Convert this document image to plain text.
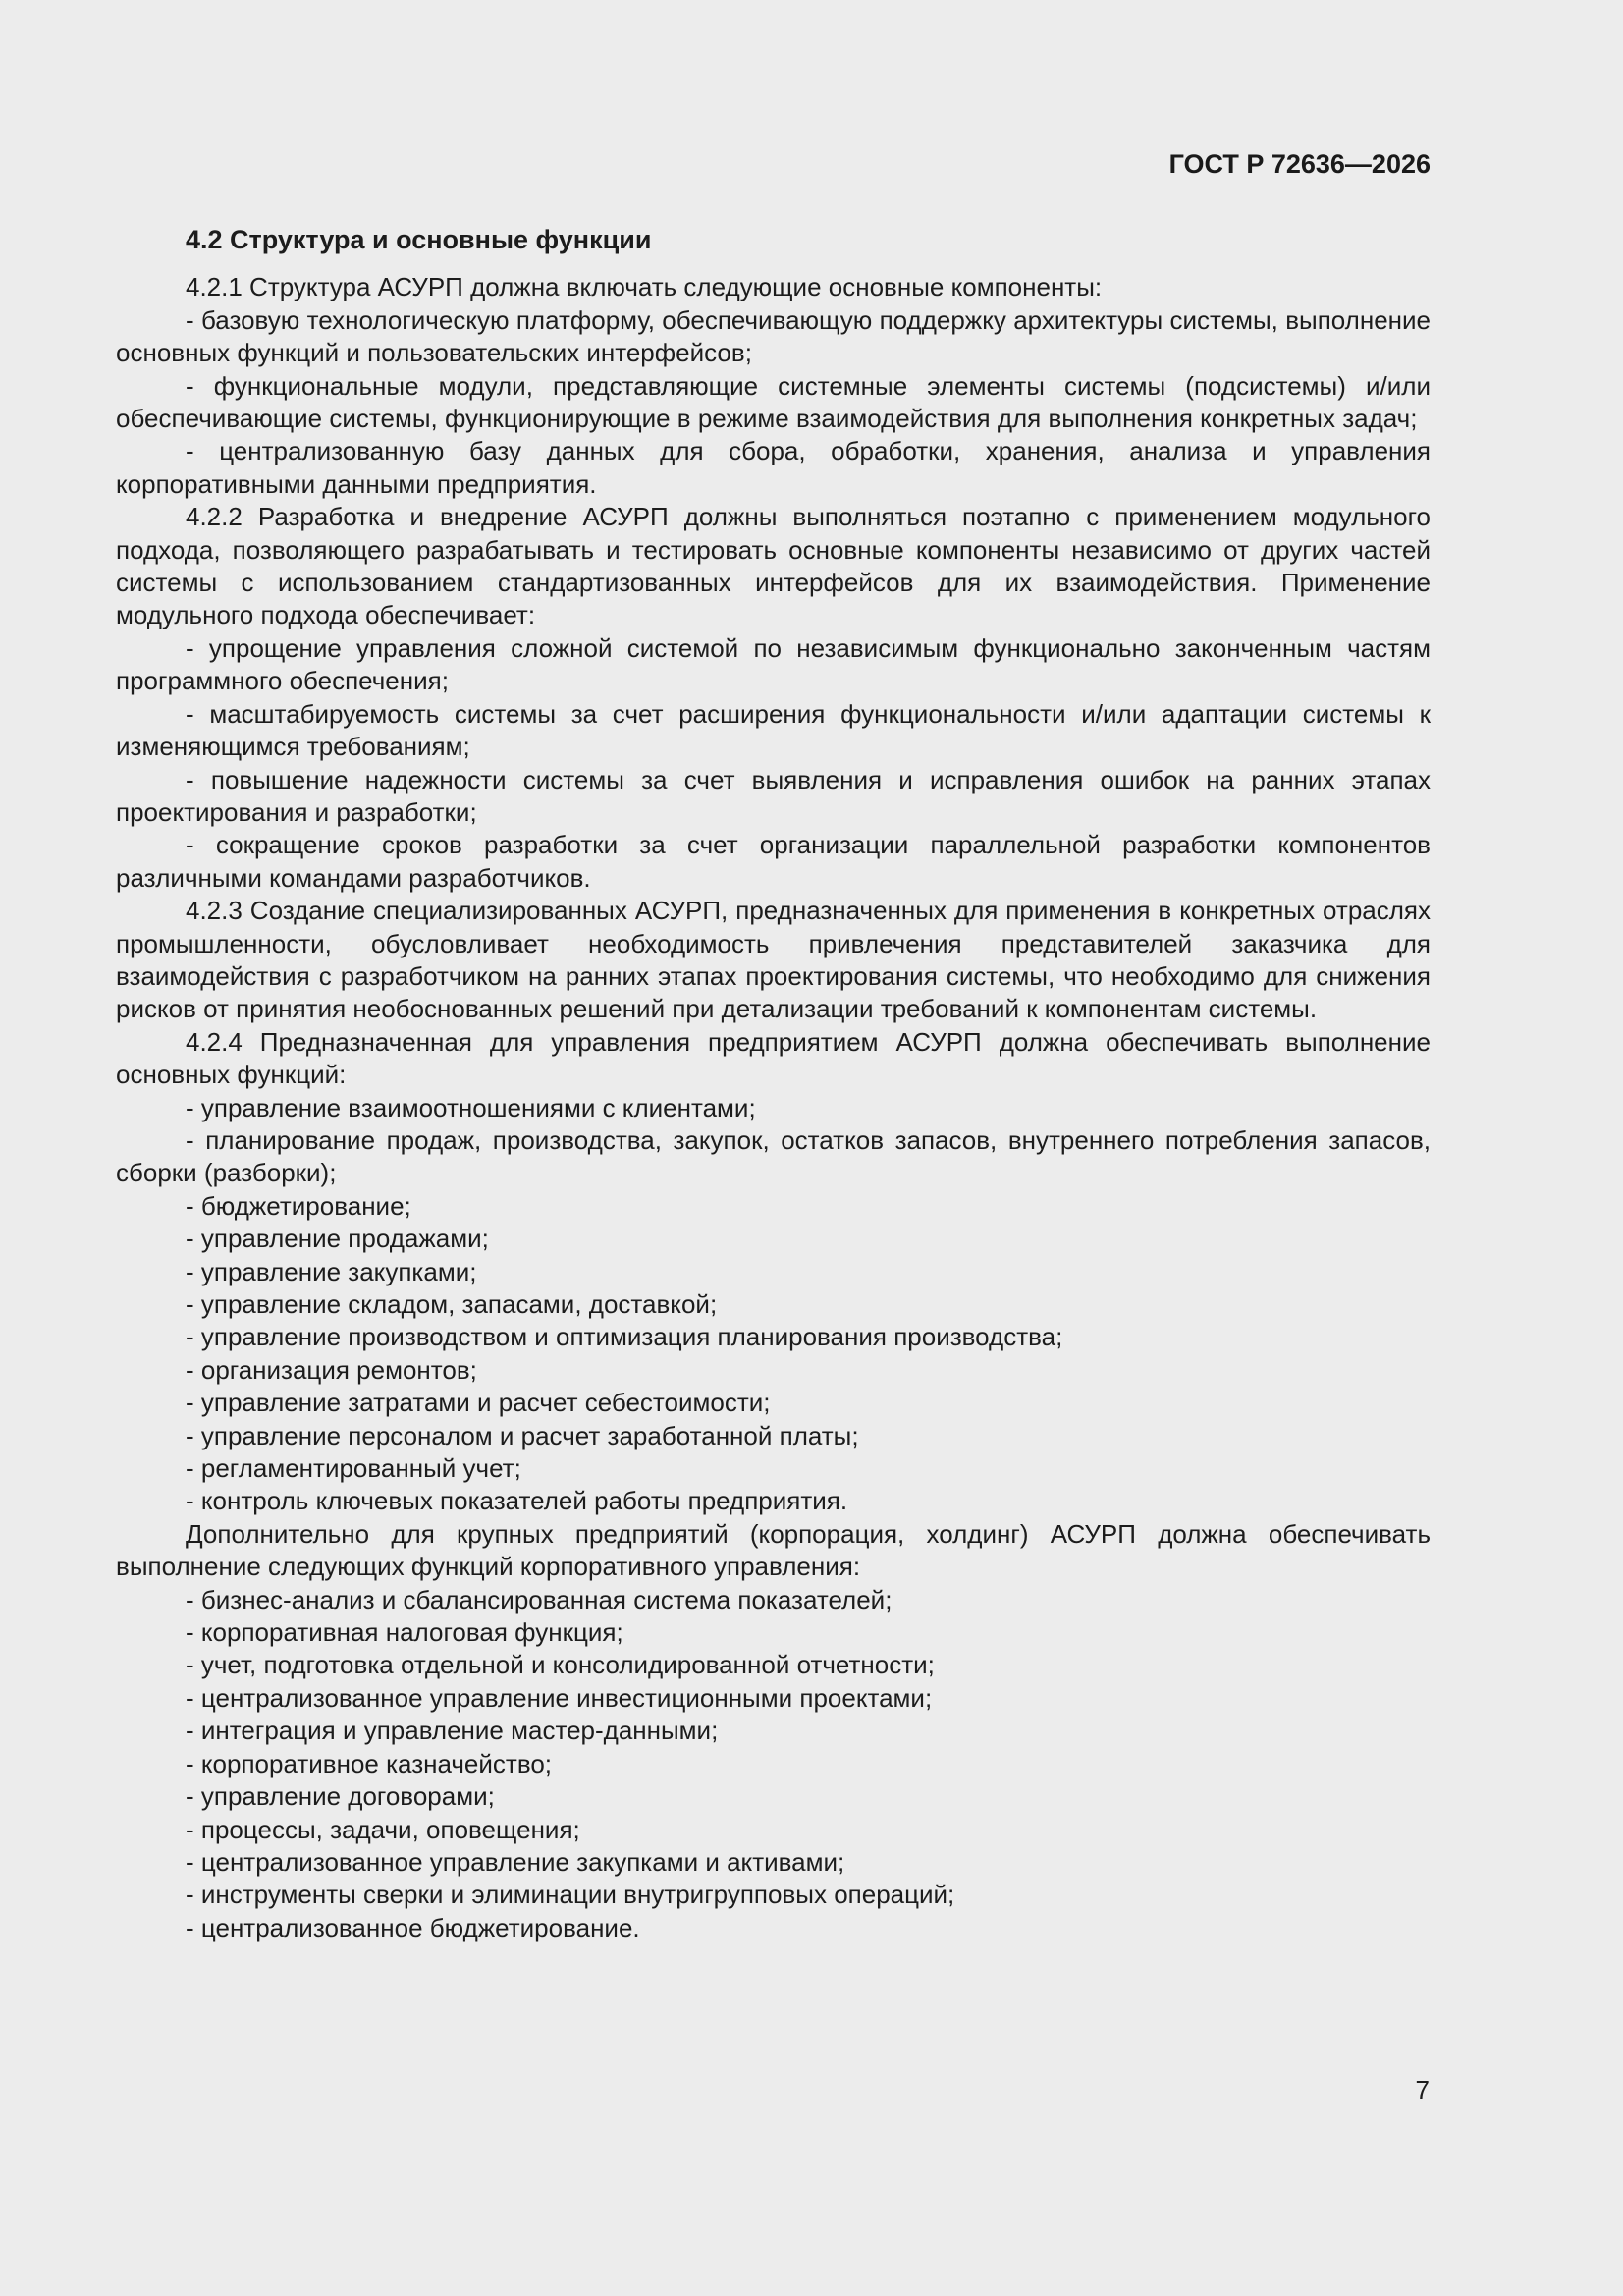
ГОСТ Р 72636—2026

4.2 Структура и основные функции

4.2.1 Структура АСУРП должна включать следующие основные компоненты:

- базовую технологическую платформу, обеспечивающую поддержку архитектуры системы, выполнение основных функций и пользовательских интерфейсов;

- функциональные модули, представляющие системные элементы системы (подсистемы) и/или обеспечивающие системы, функционирующие в режиме взаимодействия для выполнения конкретных задач;

- централизованную базу данных для сбора, обработки, хранения, анализа и управления корпоративными данными предприятия.

4.2.2 Разработка и внедрение АСУРП должны выполняться поэтапно с применением модульного подхода, позволяющего разрабатывать и тестировать основные компоненты независимо от других частей системы с использованием стандартизованных интерфейсов для их взаимодействия. Применение модульного подхода обеспечивает:

- упрощение управления сложной системой по независимым функционально законченным частям программного обеспечения;

- масштабируемость системы за счет расширения функциональности и/или адаптации системы к изменяющимся требованиям;

- повышение надежности системы за счет выявления и исправления ошибок на ранних этапах проектирования и разработки;

- сокращение сроков разработки за счет организации параллельной разработки компонентов различными командами разработчиков.

4.2.3 Создание специализированных АСУРП, предназначенных для применения в конкретных отраслях промышленности, обусловливает необходимость привлечения представителей заказчика для взаимодействия с разработчиком на ранних этапах проектирования системы, что необходимо для снижения рисков от принятия необоснованных решений при детализации требований к компонентам системы.

4.2.4 Предназначенная для управления предприятием АСУРП должна обеспечивать выполнение основных функций:

- управление взаимоотношениями с клиентами;

- планирование продаж, производства, закупок, остатков запасов, внутреннего потребления запасов, сборки (разборки);

- бюджетирование;

- управление продажами;

- управление закупками;

- управление складом, запасами, доставкой;

- управление производством и оптимизация планирования производства;

- организация ремонтов;

- управление затратами и расчет себестоимости;

- управление персоналом и расчет заработанной платы;

- регламентированный учет;

- контроль ключевых показателей работы предприятия.

Дополнительно для крупных предприятий (корпорация, холдинг) АСУРП должна обеспечивать выполнение следующих функций корпоративного управления:

- бизнес-анализ и сбалансированная система показателей;

- корпоративная налоговая функция;

- учет, подготовка отдельной и консолидированной отчетности;

- централизованное управление инвестиционными проектами;

- интеграция и управление мастер-данными;

- корпоративное казначейство;

- управление договорами;

- процессы, задачи, оповещения;

- централизованное управление закупками и активами;

- инструменты сверки и элиминации внутригрупповых операций;

- централизованное бюджетирование.

7
